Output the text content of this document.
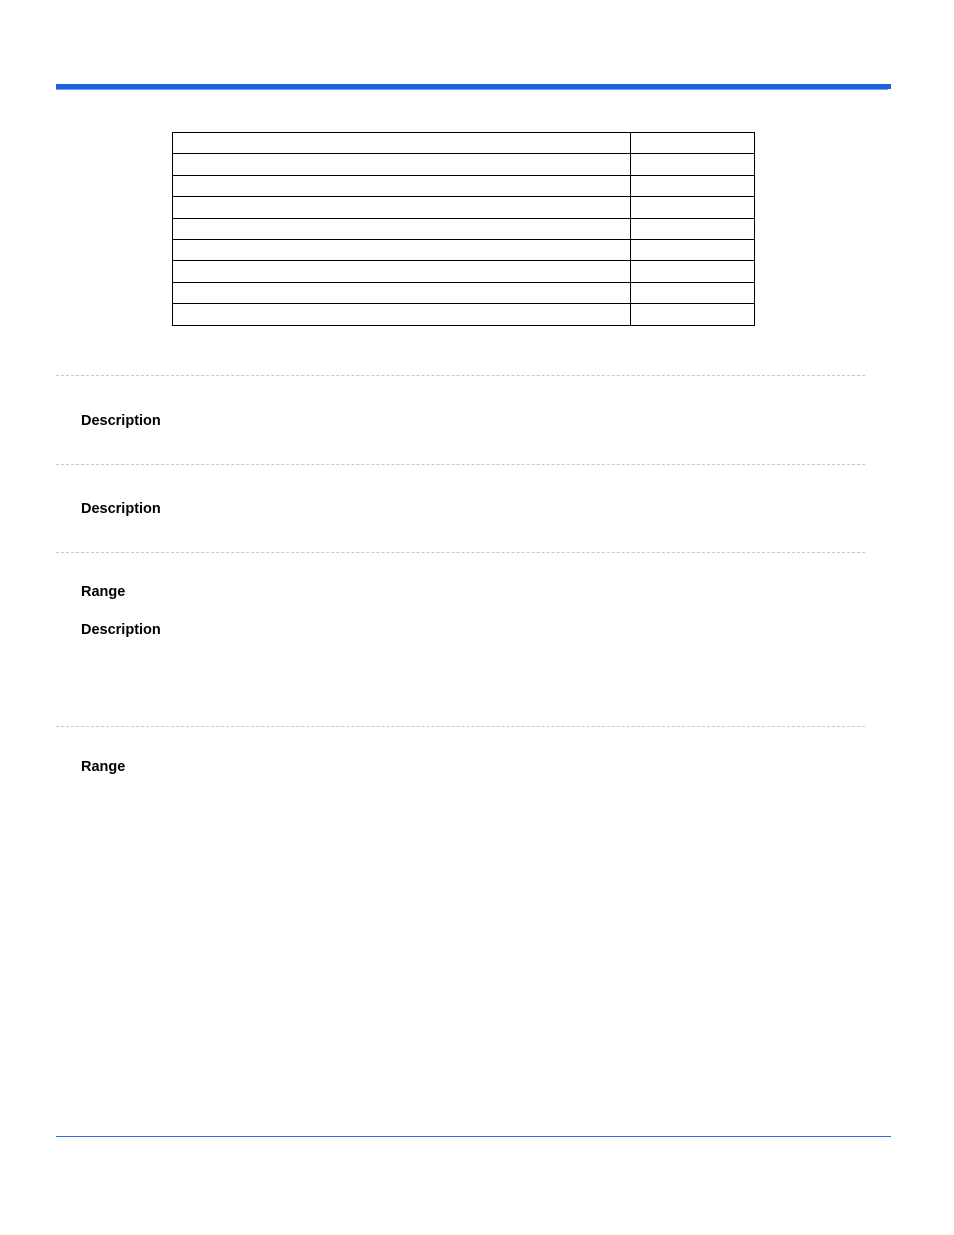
Description
Description
Range
Description
Range
